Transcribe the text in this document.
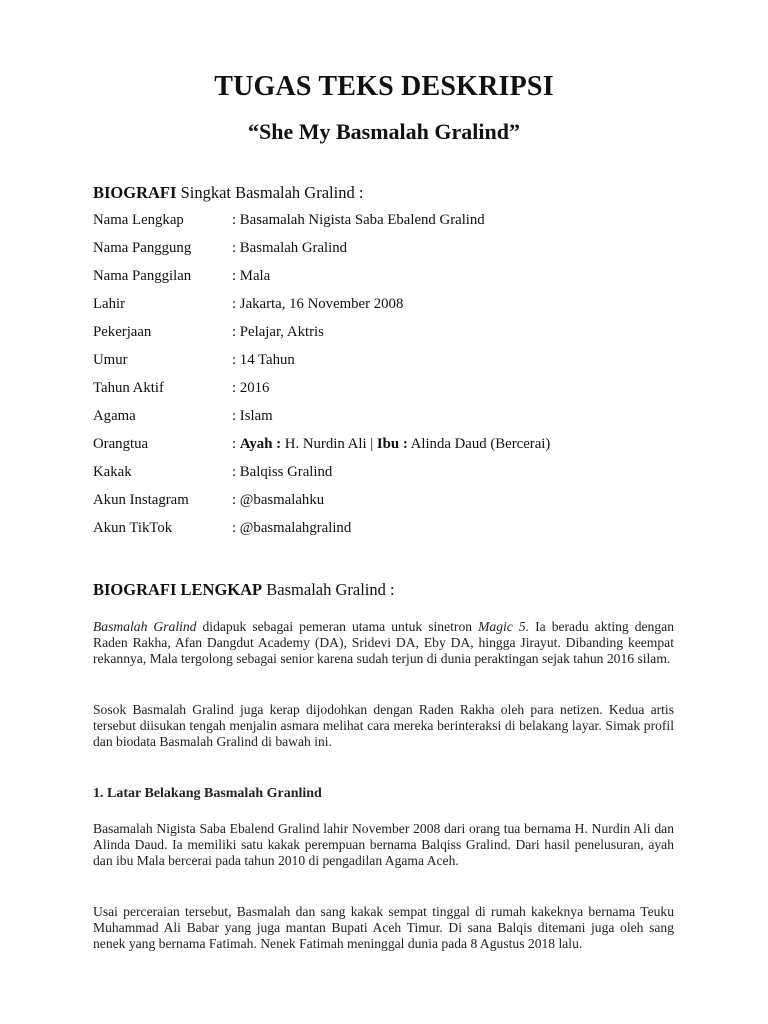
TUGAS TEKS DESKRIPSI
“She My Basmalah Gralind”
BIOGRAFI Singkat Basmalah Gralind :
Nama Lengkap	: Basamalah Nigista Saba Ebalend Gralind
Nama Panggung	: Basmalah Gralind
Nama Panggilan	: Mala
Lahir	: Jakarta, 16 November 2008
Pekerjaan	: Pelajar, Aktris
Umur	: 14 Tahun
Tahun Aktif	: 2016
Agama	: Islam
Orangtua	: Ayah : H. Nurdin Ali | Ibu : Alinda Daud (Bercerai)
Kakak	: Balqiss Gralind
Akun Instagram	: @basmalahku
Akun TikTok	: @basmalahgralind
BIOGRAFI LENGKAP Basmalah Gralind :
Basmalah Gralind didapuk sebagai pemeran utama untuk sinetron Magic 5. Ia beradu akting dengan Raden Rakha, Afan Dangdut Academy (DA), Sridevi DA, Eby DA, hingga Jirayut. Dibanding keempat rekannya, Mala tergolong sebagai senior karena sudah terjun di dunia peraktingan sejak tahun 2016 silam.
Sosok Basmalah Gralind juga kerap dijodohkan dengan Raden Rakha oleh para netizen. Kedua artis tersebut diisukan tengah menjalin asmara melihat cara mereka berinteraksi di belakang layar. Simak profil dan biodata Basmalah Gralind di bawah ini.
1. Latar Belakang Basmalah Granlind
Basamalah Nigista Saba Ebalend Gralind lahir November 2008 dari orang tua bernama H. Nurdin Ali dan Alinda Daud. Ia memiliki satu kakak perempuan bernama Balqiss Gralind. Dari hasil penelusuran, ayah dan ibu Mala bercerai pada tahun 2010 di pengadilan Agama Aceh.
Usai perceraian tersebut, Basmalah dan sang kakak sempat tinggal di rumah kakeknya bernama Teuku Muhammad Ali Babar yang juga mantan Bupati Aceh Timur. Di sana Balqis ditemani juga oleh sang nenek yang bernama Fatimah. Nenek Fatimah meninggal dunia pada 8 Agustus 2018 lalu.
